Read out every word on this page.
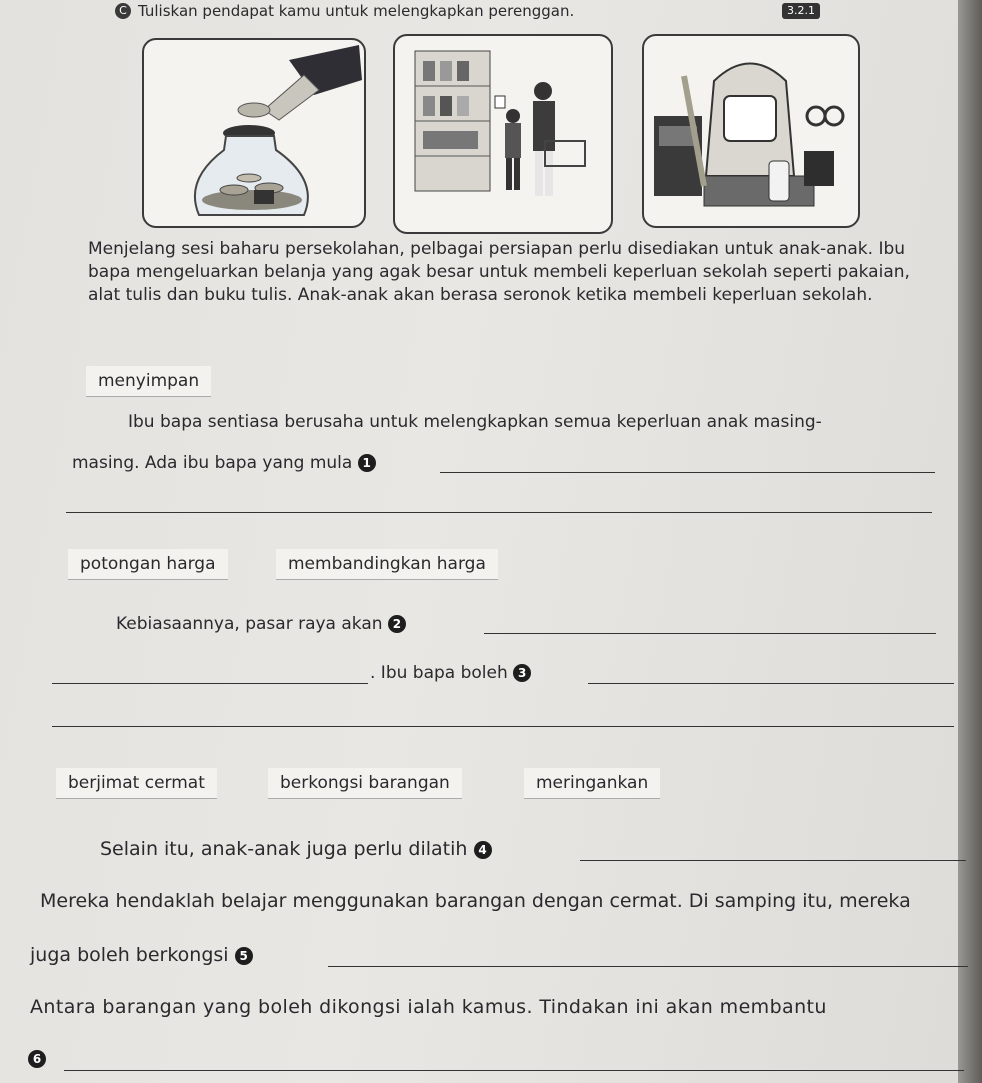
C Tuliskan pendapat kamu untuk melengkapkan perenggan.	3.2.1
Menjelang sesi baharu persekolahan, pelbagai persiapan perlu disediakan untuk anak-anak. Ibu bapa mengeluarkan belanja yang agak besar untuk membeli keperluan sekolah seperti pakaian, alat tulis dan buku tulis. Anak-anak akan berasa seronok ketika membeli keperluan sekolah.
menyimpan
Ibu bapa sentiasa berusaha untuk melengkapkan semua keperluan anak masing-
masing. Ada ibu bapa yang mula 1
potongan harga	membandingkan harga
Kebiasaannya, pasar raya akan 2
. Ibu bapa boleh 3
berjimat cermat	berkongsi barangan	meringankan
Selain itu, anak-anak juga perlu dilatih 4
Mereka hendaklah belajar menggunakan barangan dengan cermat. Di samping itu, mereka
juga boleh berkongsi 5
Antara barangan yang boleh dikongsi ialah kamus. Tindakan ini akan membantu
6
